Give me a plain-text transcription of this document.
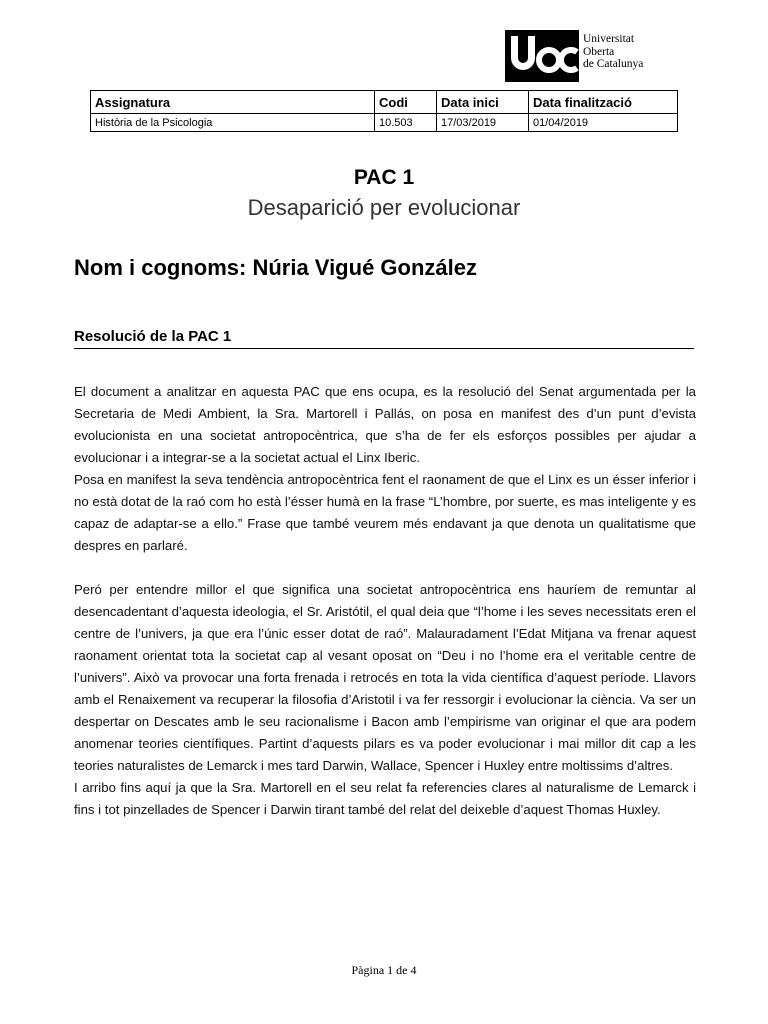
Universitat
Oberta
de Catalunya
Assignatura	Codi	Data inici	Data finalització
Història de la Psicologia	10.503	17/03/2019	01/04/2019
PAC 1
Desaparició per evolucionar
Nom i cognoms: Núria Vigué González
Resolució de la PAC 1

El document a analitzar en aquesta PAC que ens ocupa, es la resolució del Senat argumentada per la Secretaria de Medi Ambient, la Sra. Martorell i Pallás, on posa en manifest des d’un punt d’evista evolucionista en una societat antropocèntrica, que s’ha de fer els esforços possibles per ajudar a evolucionar i a integrar-se a la societat actual el Linx Iberic.

Posa en manifest la seva tendència antropocèntrica fent el raonament de que el Linx es un ésser inferior i no està dotat de la raó com ho està l’ésser humà en la frase “L’hombre, por suerte, es mas inteligente y es capaz de adaptar-se a ello.” Frase que també veurem més endavant ja que denota un qualitatisme que despres en parlaré.

Peró per entendre millor el que significa una societat antropocèntrica ens hauríem de remuntar al desencadentant d’aquesta ideologia, el Sr. Aristótil, el qual deia que “l’home i les seves necessitats eren el centre de l’univers, ja que era l’únic esser dotat de raó”. Malauradament l’Edat Mitjana va frenar aquest raonament orientat tota la societat cap al vesant oposat on “Deu i no l’home era el veritable centre de l’univers”. Això va provocar una forta frenada i retrocés en tota la vida científica d’aquest període. Llavors amb el Renaixement va recuperar la filosofia d’Aristotil i va fer ressorgir i evolucionar la ciència. Va ser un despertar on Descates amb le seu racionalisme i Bacon amb l’empirisme van originar el que ara podem anomenar teories científiques. Partint d’aquests pilars es va poder evolucionar i mai millor dit cap a les teories naturalistes de Lemarck i mes tard Darwin, Wallace, Spencer i Huxley entre moltissims d’altres.

I arribo fins aquí ja que la Sra. Martorell en el seu relat fa referencies clares al naturalisme de Lemarck i fins i tot pinzellades de Spencer i Darwin tirant també del relat del deixeble d’aquest Thomas Huxley.

Pàgina 1 de 4
